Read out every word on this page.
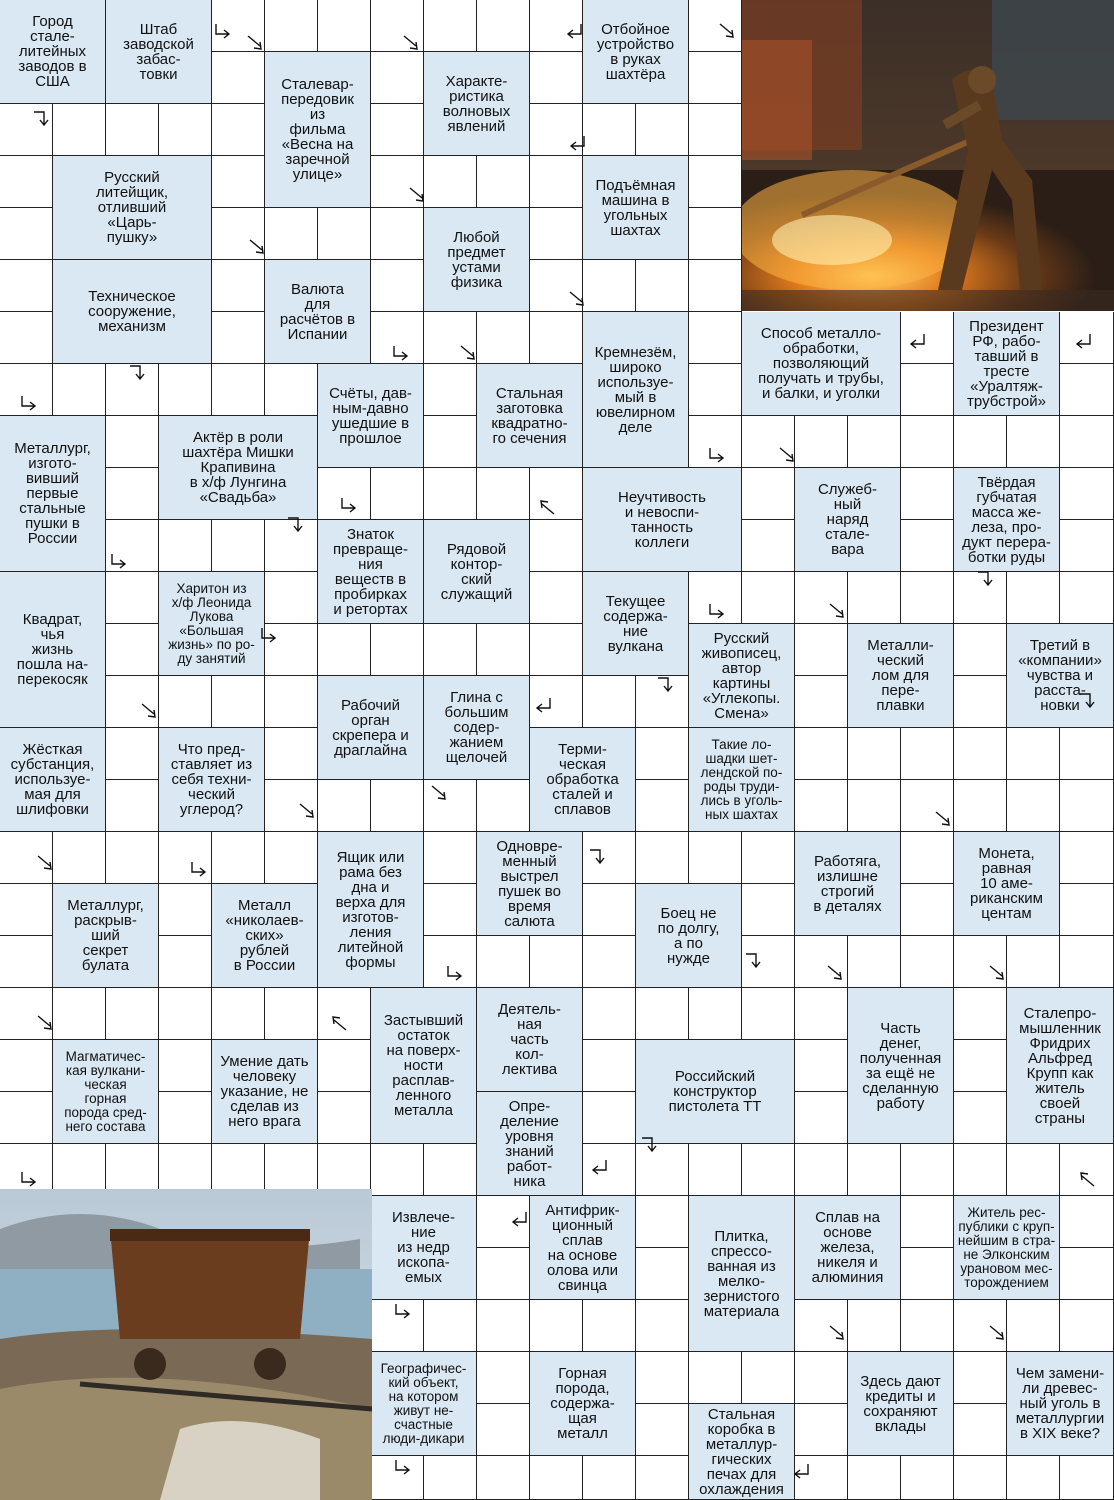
Город
стале-
литейных
заводов в
США
Штаб
заводской
забас-
товки
Отбойное
устройство
в руках
шахтёра
Сталевар-
передовик
из
фильма
«Весна на
заречной
улице»
Характе-
ристика
волновых
явлений
Русский
литейщик,
отливший
«Царь-
пушку»
Подъёмная
машина в
угольных
шахтах
Любой
предмет
устами
физика
Техническое
сооружение,
механизм
Валюта
для
расчётов в
Испании	Способ металло-
обработки,
позволяющий
получать и трубы,
и балки, и уголки
Президент
РФ, рабо-
тавший в
тресте
«Уралтяж-
трубстрой»
Кремнезём,
широко
используе-
мый в
ювелирном
деле
Счёты, дав-
ным-давно
ушедшие в
прошлое
Стальная
заготовка
квадратно-
го сечения
Металлург,
изгото-
вивший
первые
стальные
пушки в
России
Актёр в роли
шахтёра Мишки
Крапивина
в х/ф Лунгина
«Свадьба»	Неучтивость
и невоспи-
танность
коллеги
Служеб-
ный
наряд
стале-
вара
Твёрдая
губчатая
масса же-
леза, про-
дукт перера-
ботки руды
Знаток
превраще-
ния
веществ в
пробирках
и ретортах
Рядовой
контор-
ский
служащий
Квадрат,
чья
жизнь
пошла на-
перекосяк
Харитон из
х/ф Леонида
Лукова
«Большая
жизнь» по ро-
ду занятий
Текущее
содержа-
ние
вулкана	Русский
живописец,
автор
картины
«Углекопы.
Смена»
Металли-
ческий
лом для
пере-
плавки
Третий в
«компании»
чувства и
расста-
новки
Рабочий
орган
скрепера и
драглайна
Глина с
большим
содер-
жанием
щелочей
Жёсткая
субстанция,
используе-
мая для
шлифовки
Что пред-
ставляет из
себя техни-
ческий
углерод?
Терми-
ческая
обработка
сталей и
сплавов
Такие ло-
шадки шет-
лендской по-
роды труди-
лись в уголь-
ных шахтах
Ящик или
рама без
дна и
верха для
изготов-
ления
литейной
формы
Одновре-
менный
выстрел
пушек во
время
салюта
Работяга,
излишне
строгий
в деталях
Монета,
равная
10 аме-
риканским
центам
Металлург,
раскрыв-
ший
секрет
булата
Металл
«николаев-
ских»
рублей
в России
Боец не
по долгу,
а по
нужде
Застывший
остаток
на поверх-
ности
расплав-
ленного
металла
Деятель-
ная
часть
кол-
лектива
Магматичес-
кая вулкани-
ческая
горная
порода сред-
него состава
Умение дать
человеку
указание, не
сделав из
него врага
Российский
конструктор
пистолета ТТ
Часть
денег,
полученная
за ещё не
сделанную
работу
Сталепро-
мышленник
Фридрих
Альфред
Крупп как
житель
своей
страны
Опре-
деление
уровня
знаний
работ-
ника
Извлече-
ние
из недр
ископа-
емых
Антифрик-
ционный
сплав
на основе
олова или
свинца
Плитка,
спрессо-
ванная из
мелко-
зернистого
материала
Сплав на
основе
железа,
никеля и
алюминия
Житель рес-
публики с круп-
нейшим в стра-
не Элконским
урановом мес-
торождением
Географичес-
кий объект,
на котором
живут не-
счастные
люди-дикари
Горная
порода,
содержа-
щая
металл
Здесь дают
кредиты и
сохраняют
вклады
Чем замени-
ли древес-
ный уголь в
металлургии
в XIX веке?
Стальная
коробка в
металлур-
гических
печах для
охлаждения
